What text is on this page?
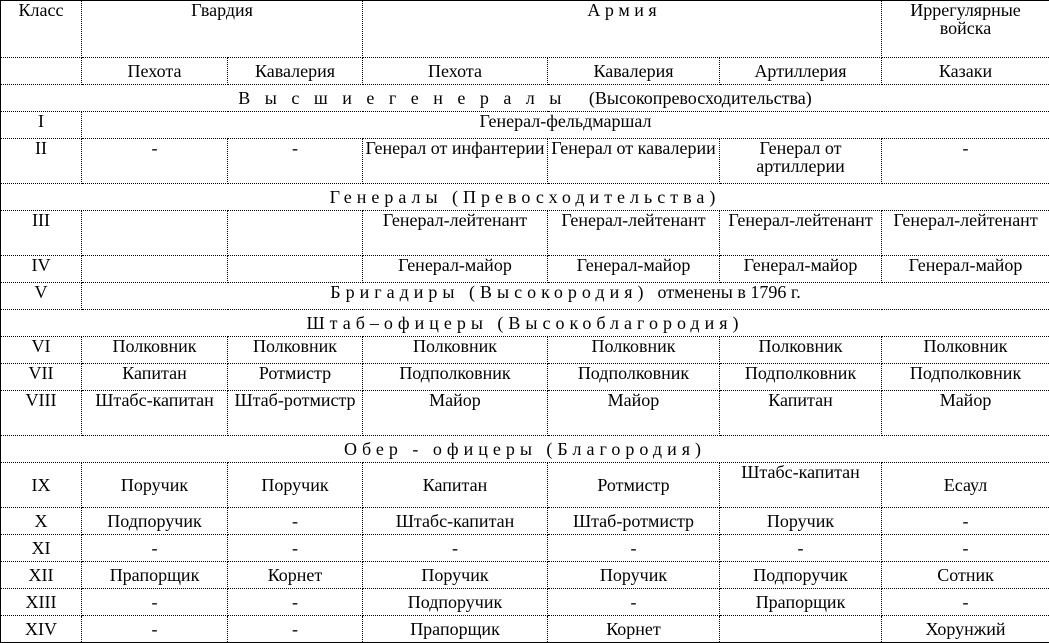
Класс	Гвардия		А р м и я			Иррегулярные войска
	Пехота	Кавалерия	Пехота	Кавалерия	Артиллерия	Казаки
В ы с ш и е г е н е р а л ы (Высокопревосходительства)						
I	Генерал-фельдмаршал					
II	-	-	Генерал от инфантерии	Генерал от кавалерии	Генерал от артиллерии	-
Генералы (Превосходительства)						
III			Генерал-лейтенант	Генерал-лейтенант	Генерал-лейтенант	Генерал-лейтенант
IV			Генерал-майор	Генерал-майор	Генерал-майор	Генерал-майор
V	Бригадиры (Высокородия) отменены в 1796 г.					
Штаб–офицеры (Высокоблагородия)						
VI	Полковник	Полковник	Полковник	Полковник	Полковник	Полковник
VII	Капитан	Ротмистр	Подполковник	Подполковник	Подполковник	Подполковник
VIII	Штабс-капитан	Штаб-ротмистр	Майор	Майор	Капитан	Майор
Обер - офицеры (Благородия)						
IX	Поручик	Поручик	Капитан	Ротмистр	Штабс-капитан	Есаул
X	Подпоручик	-	Штабс-капитан	Штаб-ротмистр	Поручик	-
XI	-	-	-	-	-	-
XII	Прапорщик	Корнет	Поручик	Поручик	Подпоручик	Сотник
XIII	-	-	Подпоручик	-	Прапорщик	-
XIV	-	-	Прапорщик	Корнет		Хорунжий
